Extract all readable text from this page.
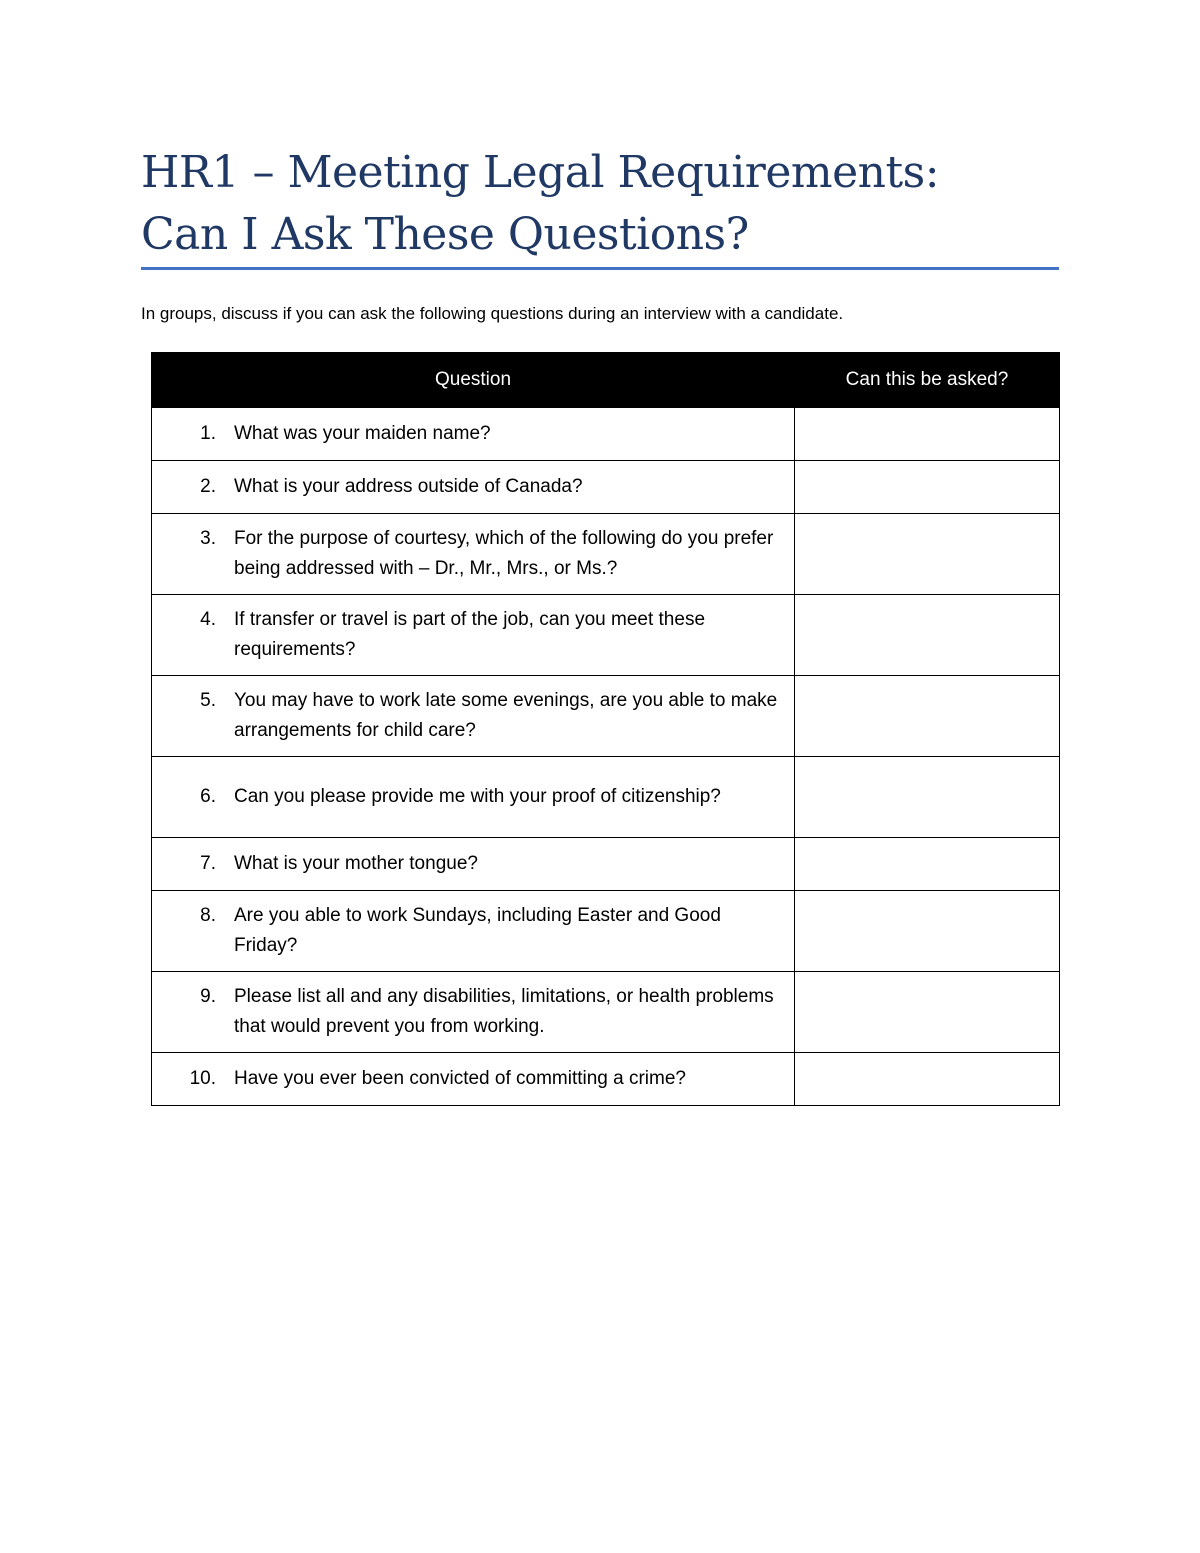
HR1 – Meeting Legal Requirements:
Can I Ask These Questions?
In groups, discuss if you can ask the following questions during an interview with a candidate.
Question	Can this be asked?

1. What was your maiden name?	

2. What is your address outside of Canada?	

3. For the purpose of courtesy, which of the following do you prefer being addressed with – Dr., Mr., Mrs., or Ms.?	

4. If transfer or travel is part of the job, can you meet these requirements?	

5. You may have to work late some evenings, are you able to make arrangements for child care?	

6. Can you please provide me with your proof of citizenship?	

7. What is your mother tongue?	

8. Are you able to work Sundays, including Easter and Good Friday?	

9. Please list all and any disabilities, limitations, or health problems that would prevent you from working.	

10. Have you ever been convicted of committing a crime?	
